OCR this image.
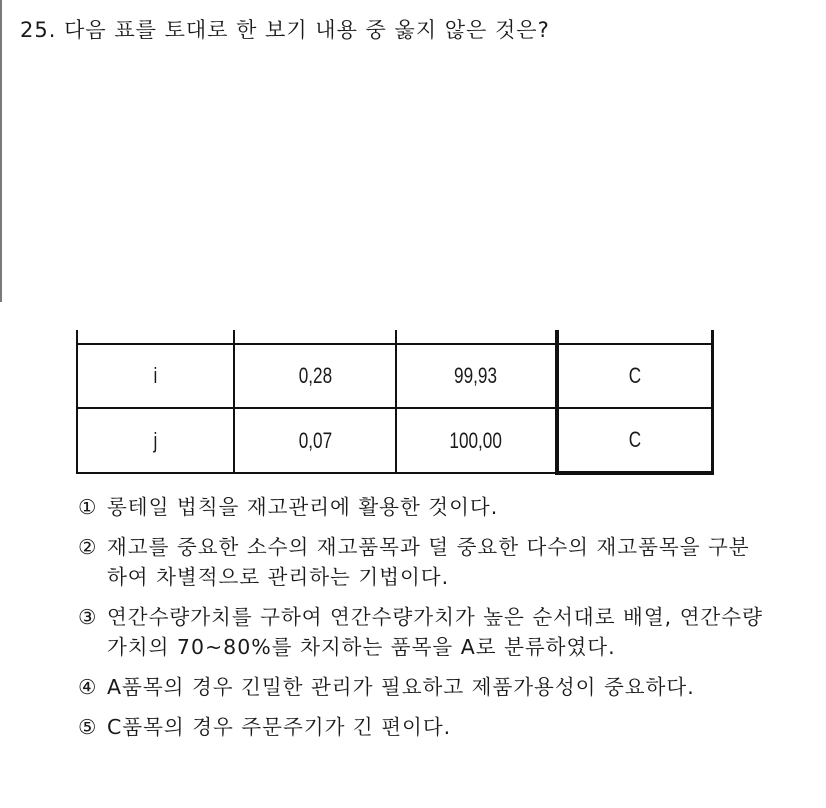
25. 다음 표를 토대로 한 보기 내용 중 옳지 않은 것은?

i	0,28	99,93	C
j	0,07	100,00	C
① 롱테일 법칙을 재고관리에 활용한 것이다.
② 재고를 중요한 소수의 재고품목과 덜 중요한 다수의 재고품목을 구분하여 차별적으로 관리하는 기법이다.
③ 연간수량가치를 구하여 연간수량가치가 높은 순서대로 배열, 연간수량가치의 70~80%를 차지하는 품목을 A로 분류하였다.
④ A품목의 경우 긴밀한 관리가 필요하고 제품가용성이 중요하다.
⑤ C품목의 경우 주문주기가 긴 편이다.
